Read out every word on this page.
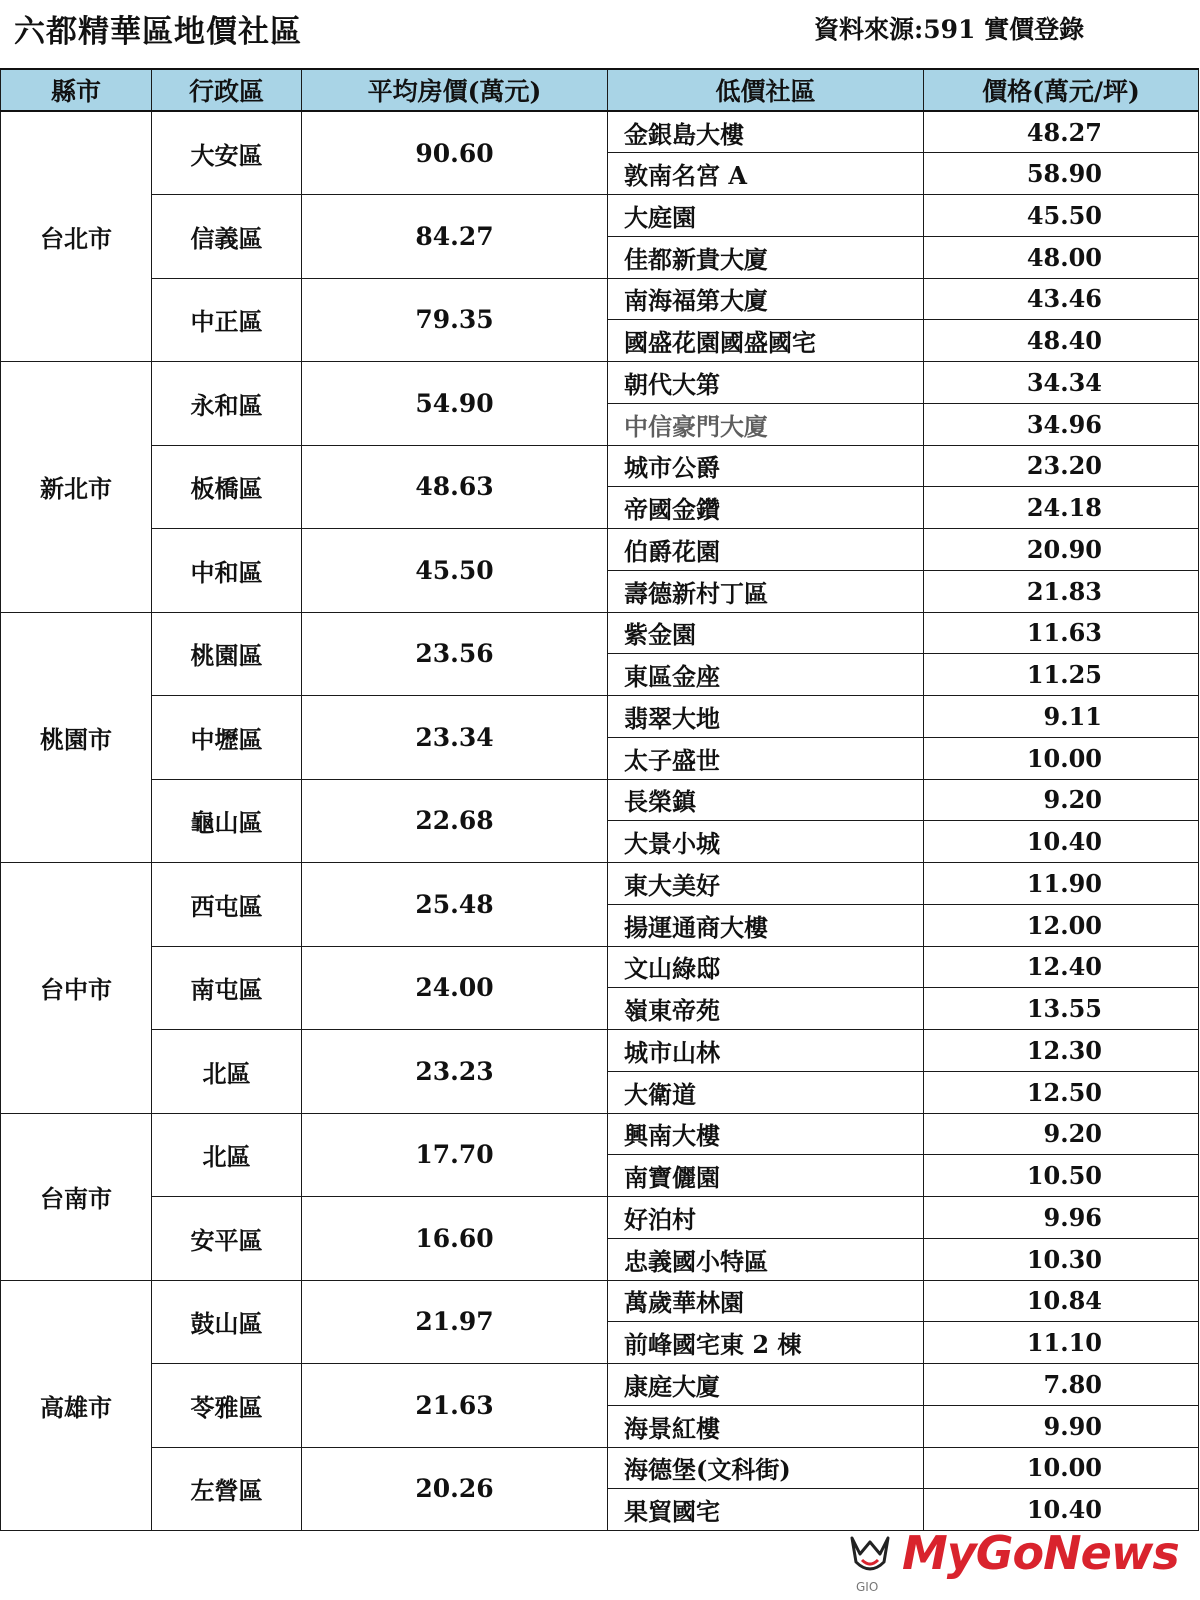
六都精華區地價社區	資料來源:591 實價登錄
縣市	行政區	平均房價(萬元)	低價社區	價格(萬元/坪)
台北市	大安區	90.60	金銀島大樓	48.27
			敦南名宮 A	58.90
	信義區	84.27	大庭園	45.50
			佳都新貴大廈	48.00
	中正區	79.35	南海福第大廈	43.46
			國盛花園國盛國宅	48.40
新北市	永和區	54.90	朝代大第	34.34
			中信豪門大廈	34.96
	板橋區	48.63	城市公爵	23.20
			帝國金鑽	24.18
	中和區	45.50	伯爵花園	20.90
			壽德新村丁區	21.83
桃園市	桃園區	23.56	紫金園	11.63
			東區金座	11.25
	中壢區	23.34	翡翠大地	9.11
			太子盛世	10.00
	龜山區	22.68	長榮鎮	9.20
			大景小城	10.40
台中市	西屯區	25.48	東大美好	11.90
			揚運通商大樓	12.00
	南屯區	24.00	文山綠邸	12.40
			嶺東帝苑	13.55
	北區	23.23	城市山林	12.30
			大衛道	12.50
台南市	北區	17.70	興南大樓	9.20
			南寶儷園	10.50
	安平區	16.60	好泊村	9.96
			忠義國小特區	10.30
高雄市	鼓山區	21.97	萬歲華林園	10.84
			前峰國宅東 2 棟	11.10
	苓雅區	21.63	康庭大廈	7.80
			海景紅樓	9.90
	左營區	20.26	海德堡(文科街)	10.00
			果貿國宅	10.40
MyGoNews
GIO
